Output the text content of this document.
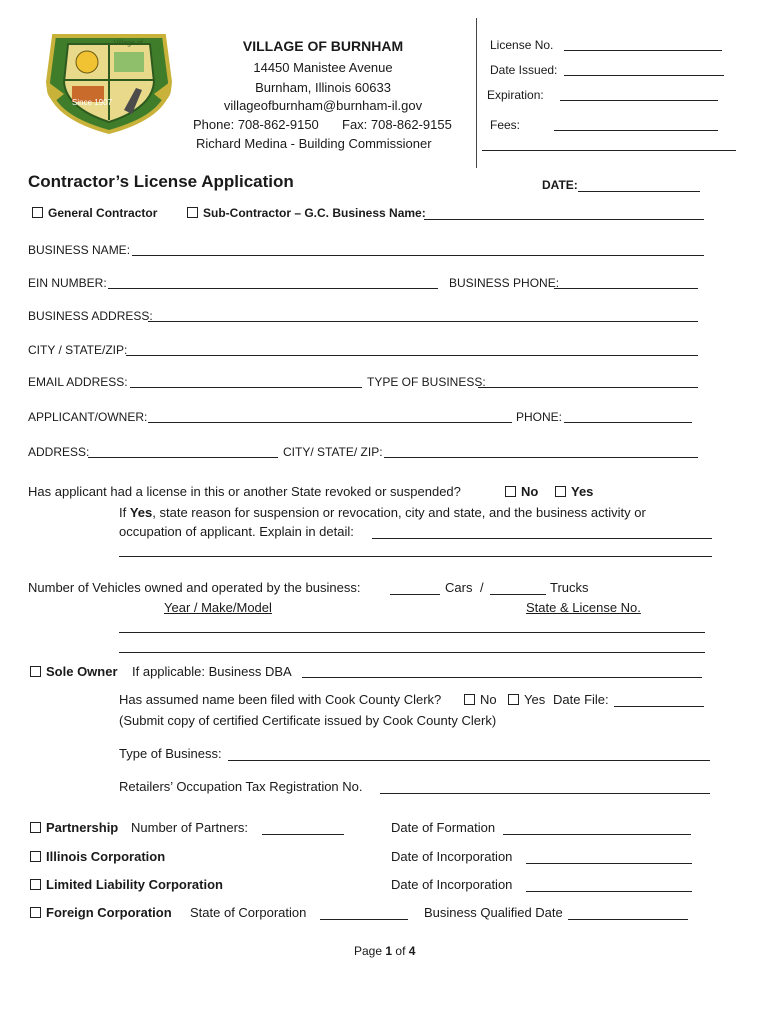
Since 1907
Village of	VILLAGE OF BURNHAM
14450 Manistee Avenue
Burnham, Illinois 60633
villageofburnham@burnham-il.gov
Phone: 708-862-9150 Fax: 708-862-9155
Richard Medina - Building Commissioner
License No.
Date Issued:
Expiration:
Fees:
Contractor’s License Application	DATE:
General Contractor	Sub-Contractor – G.C. Business Name:
BUSINESS NAME:
EIN NUMBER:	BUSINESS PHONE:
BUSINESS ADDRESS:
CITY / STATE/ZIP:
EMAIL ADDRESS:	TYPE OF BUSINESS:
APPLICANT/OWNER:	PHONE:
ADDRESS:	CITY/ STATE/ ZIP:
Has applicant had a license in this or another State revoked or suspended?	No	Yes
If Yes, state reason for suspension or revocation, city and state, and the business activity or
occupation of applicant. Explain in detail:
Number of Vehicles owned and operated by the business:	Cars /	Trucks
Year / Make/Model	State & License No.
Sole Owner If applicable: Business DBA
Has assumed name been filed with Cook County Clerk?	No	Yes Date File:
(Submit copy of certified Certificate issued by Cook County Clerk)
Type of Business:
Retailers’ Occupation Tax Registration No.
Partnership Number of Partners:	Date of Formation
Illinois Corporation	Date of Incorporation
Limited Liability Corporation	Date of Incorporation
Foreign Corporation State of Corporation	Business Qualified Date
Page 1 of 4
